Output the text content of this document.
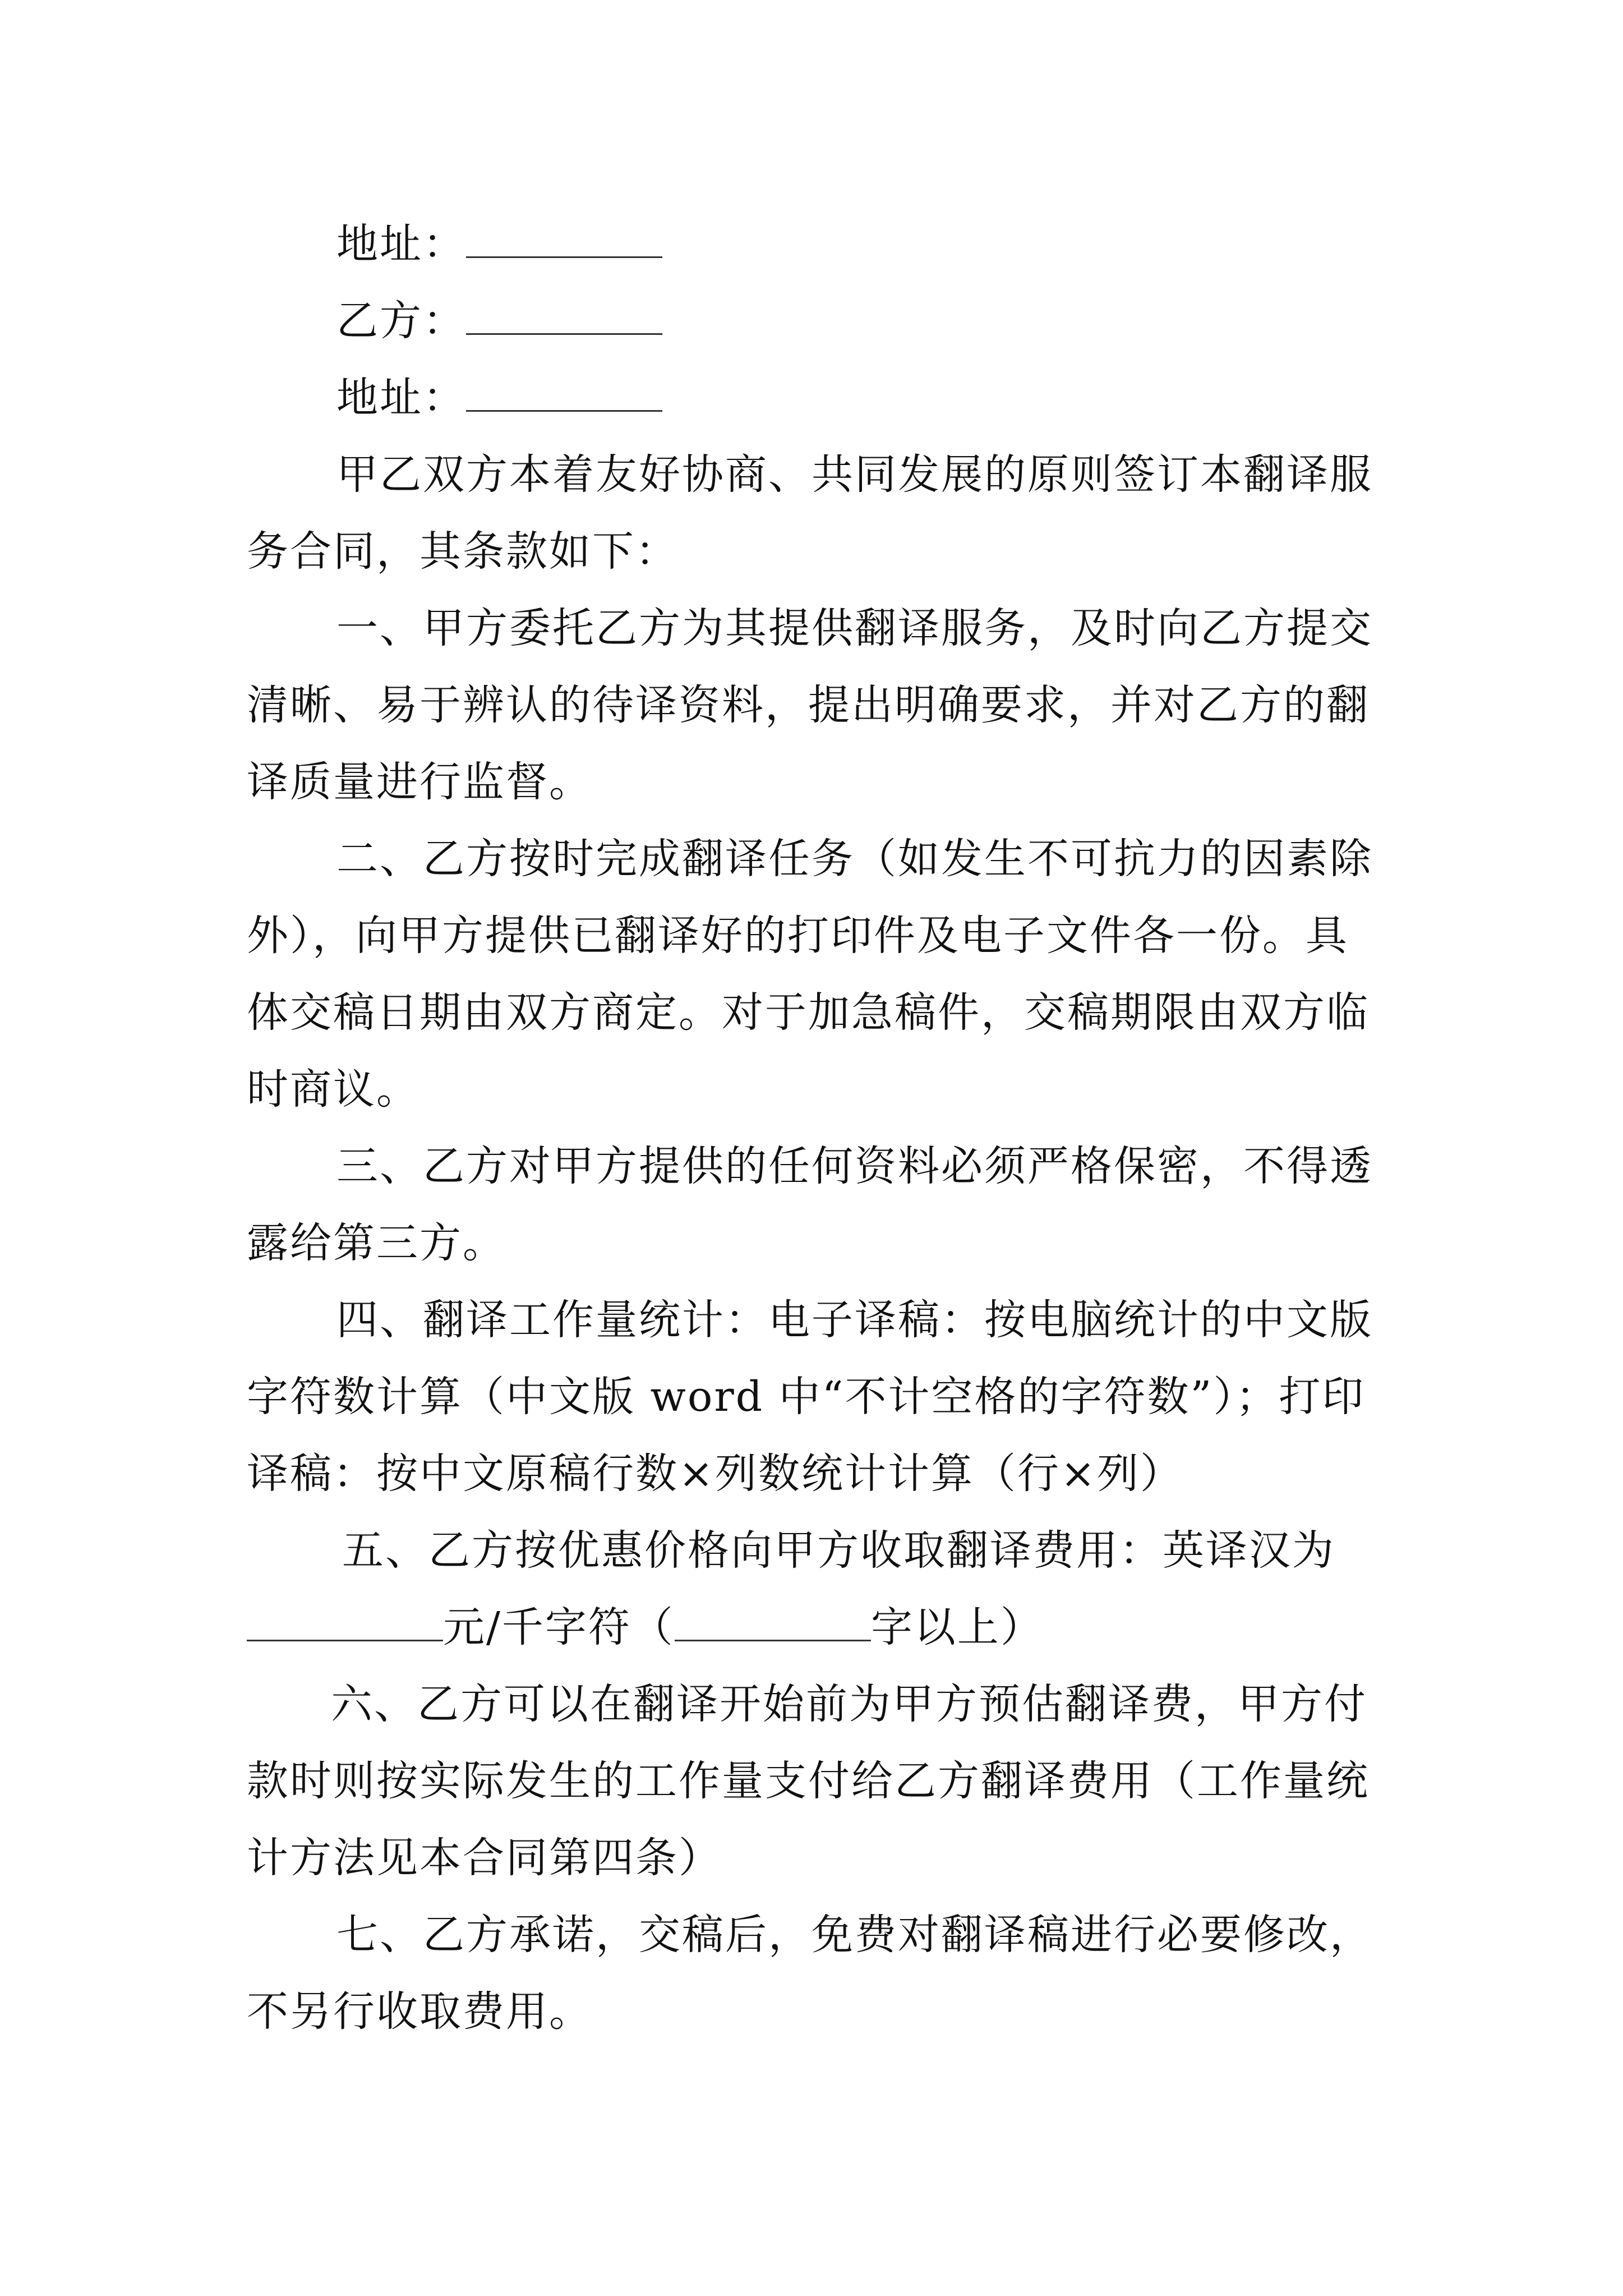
地址：
乙方：
地址：
甲乙双方本着友好协商、共同发展的原则签订本翻译服
务合同，其条款如下：
一、甲方委托乙方为其提供翻译服务，及时向乙方提交
清晰、易于辨认的待译资料，提出明确要求，并对乙方的翻
译质量进行监督。
二、乙方按时完成翻译任务（如发生不可抗力的因素除
外），向甲方提供已翻译好的打印件及电子文件各一份。具
体交稿日期由双方商定。对于加急稿件，交稿期限由双方临
时商议。
三、乙方对甲方提供的任何资料必须严格保密，不得透
露给第三方。
四、翻译工作量统计：电子译稿：按电脑统计的中文版
字符数计算（中文版 word 中“不计空格的字符数”）；打印
译稿：按中文原稿行数×列数统计计算（行×列）
五、乙方按优惠价格向甲方收取翻译费用：英译汉为
元/千字符（	字以上）
六、乙方可以在翻译开始前为甲方预估翻译费，甲方付
款时则按实际发生的工作量支付给乙方翻译费用（工作量统
计方法见本合同第四条）
七、乙方承诺，交稿后，免费对翻译稿进行必要修改，
不另行收取费用。
